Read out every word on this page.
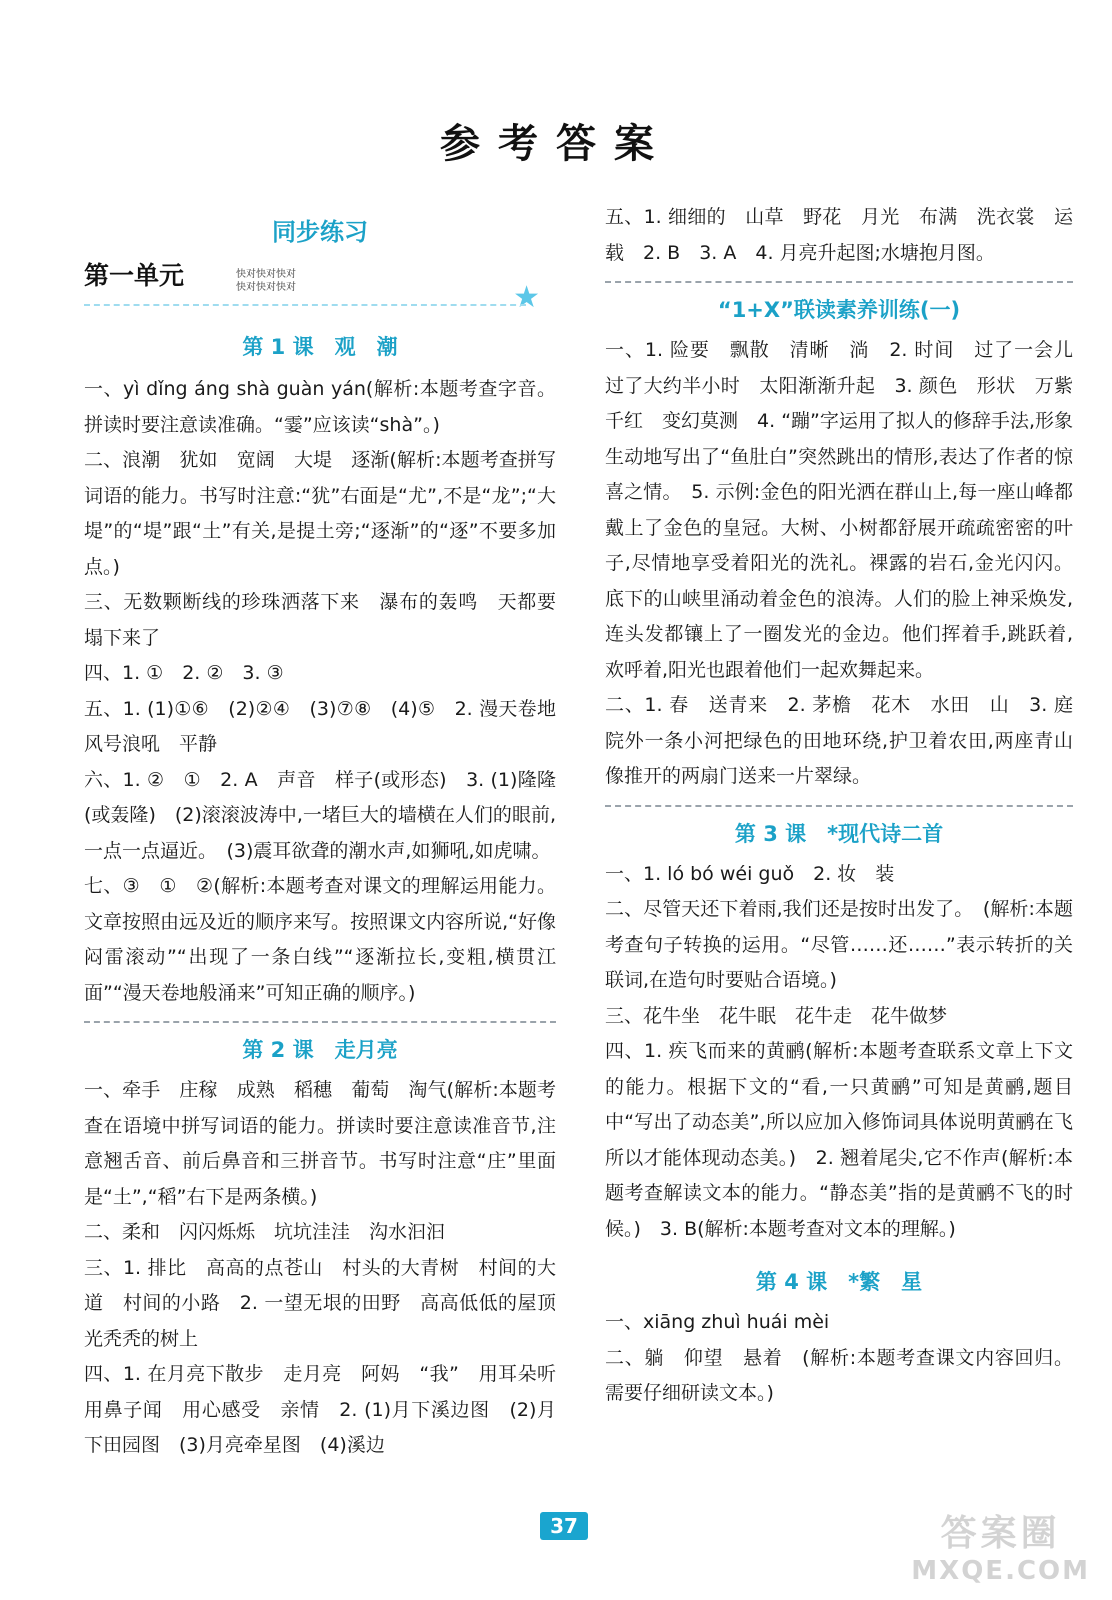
参考答案
同步练习
第一单元	快对快对快对
快对快对快对	★

第 1 课　观　潮

一、yì dǐng áng shà guàn yán(解析:本题考查字音。拼读时要注意读准确。“霎”应该读“shà”。)

二、浪潮　犹如　宽阔　大堤　逐渐(解析:本题考查拼写词语的能力。书写时注意:“犹”右面是“尤”,不是“龙”;“大堤”的“堤”跟“土”有关,是提土旁;“逐渐”的“逐”不要多加点。)

三、无数颗断线的珍珠洒落下来　瀑布的轰鸣　天都要塌下来了

四、1. ①　2. ②　3. ③

五、1. (1)①⑥　(2)②④　(3)⑦⑧　(4)⑤　2. 漫天卷地　风号浪吼　平静

六、1. ②　①　2. A　声音　样子(或形态)　3. (1)隆隆(或轰隆)　(2)滚滚波涛中,一堵巨大的墙横在人们的眼前,一点一点逼近。　(3)震耳欲聋的潮水声,如狮吼,如虎啸。

七、③　①　②(解析:本题考查对课文的理解运用能力。文章按照由远及近的顺序来写。按照课文内容所说,“好像闷雷滚动”“出现了一条白线”“逐渐拉长,变粗,横贯江面”“漫天卷地般涌来”可知正确的顺序。)

第 2 课　走月亮

一、牵手　庄稼　成熟　稻穗　葡萄　淘气(解析:本题考查在语境中拼写词语的能力。拼读时要注意读准音节,注意翘舌音、前后鼻音和三拼音节。书写时注意“庄”里面是“土”,“稻”右下是两条横。)

二、柔和　闪闪烁烁　坑坑洼洼　沟水汩汩

三、1. 排比　高高的点苍山　村头的大青树　村间的大道　村间的小路　2. 一望无垠的田野　高高低低的屋顶　光秃秃的树上

四、1. 在月亮下散步　走月亮　阿妈　“我”　用耳朵听　用鼻子闻　用心感受　亲情　2. (1)月下溪边图　(2)月下田园图　(3)月亮牵星图　(4)溪边

五、1. 细细的　山草　野花　月光　布满　洗衣裳　运载　2. B　3. A　4. 月亮升起图;水塘抱月图。

“1+X”联读素养训练(一)

一、1. 险要　飘散　清晰　淌　2. 时间　过了一会儿　过了大约半小时　太阳渐渐升起　3. 颜色　形状　万紫千红　变幻莫测　4. “蹦”字运用了拟人的修辞手法,形象生动地写出了“鱼肚白”突然跳出的情形,表达了作者的惊喜之情。　5. 示例:金色的阳光洒在群山上,每一座山峰都戴上了金色的皇冠。大树、小树都舒展开疏疏密密的叶子,尽情地享受着阳光的洗礼。裸露的岩石,金光闪闪。底下的山峡里涌动着金色的浪涛。人们的脸上神采焕发,连头发都镶上了一圈发光的金边。他们挥着手,跳跃着,欢呼着,阳光也跟着他们一起欢舞起来。

二、1. 春　送青来　2. 茅檐　花木　水田　山　3. 庭院外一条小河把绿色的田地环绕,护卫着农田,两座青山像推开的两扇门送来一片翠绿。

第 3 课　*现代诗二首

一、1. ló bó wéi guǒ　2. 妆　装

二、尽管天还下着雨,我们还是按时出发了。　(解析:本题考查句子转换的运用。“尽管……还……”表示转折的关联词,在造句时要贴合语境。)

三、花牛坐　花牛眠　花牛走　花牛做梦

四、1. 疾飞而来的黄鹂(解析:本题考查联系文章上下文的能力。根据下文的“看,一只黄鹂”可知是黄鹂,题目中“写出了动态美”,所以应加入修饰词具体说明黄鹂在飞所以才能体现动态美。)　2. 翘着尾尖,它不作声(解析:本题考查解读文本的能力。“静态美”指的是黄鹂不飞的时候。)　3. B(解析:本题考查对文本的理解。)

第 4 课　*繁　星

一、xiāng zhuì huái mèi

二、躺　仰望　悬着　(解析:本题考查课文内容回归。需要仔细研读文本。)

37	答案圈
MXQE.COM
